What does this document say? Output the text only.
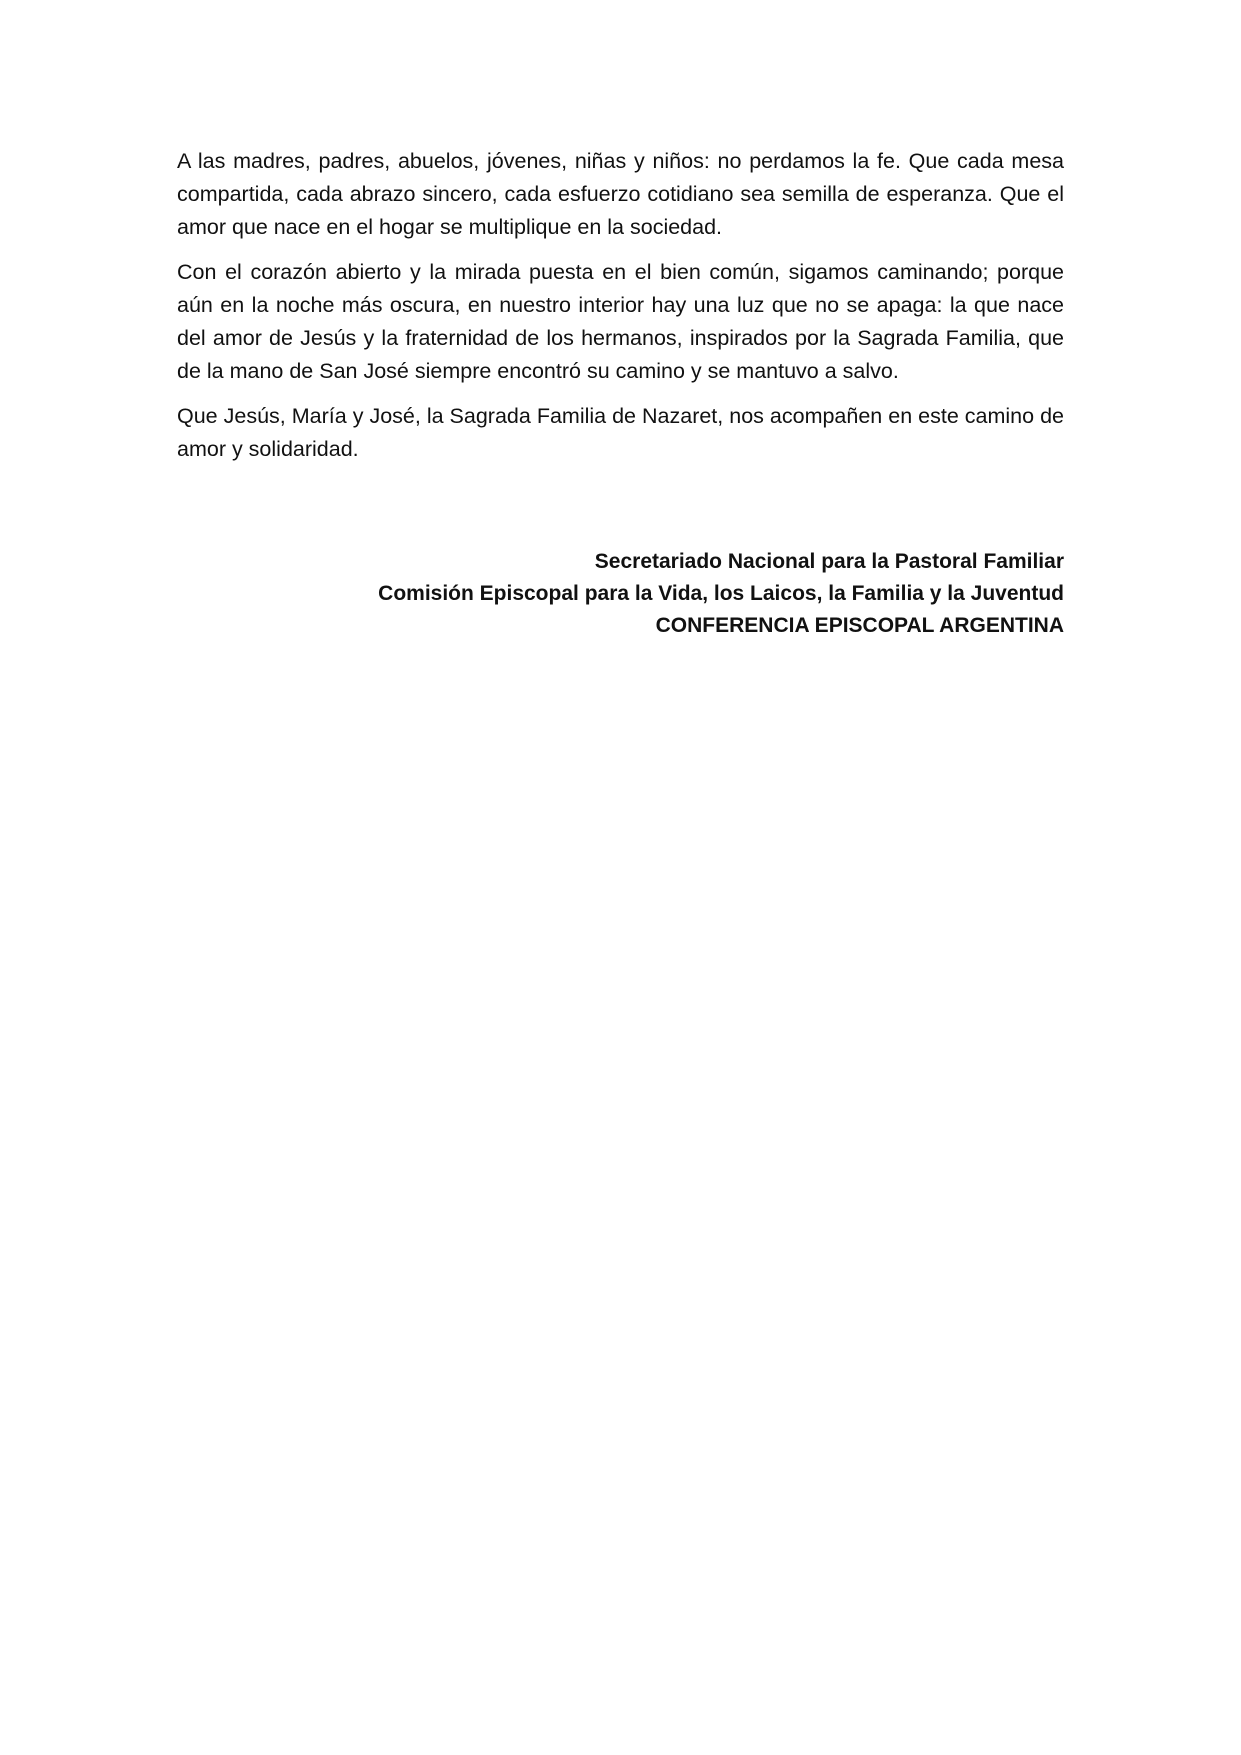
A las madres, padres, abuelos, jóvenes, niñas y niños: no perdamos la fe. Que cada mesa compartida, cada abrazo sincero, cada esfuerzo cotidiano sea semilla de esperanza. Que el amor que nace en el hogar se multiplique en la sociedad.

Con el corazón abierto y la mirada puesta en el bien común, sigamos caminando; porque aún en la noche más oscura, en nuestro interior hay una luz que no se apaga: la que nace del amor de Jesús y la fraternidad de los hermanos, inspirados por la Sagrada Familia, que de la mano de San José siempre encontró su camino y se mantuvo a salvo.

Que Jesús, María y José, la Sagrada Familia de Nazaret, nos acompañen en este camino de amor y solidaridad.

Secretariado Nacional para la Pastoral Familiar
Comisión Episcopal para la Vida, los Laicos, la Familia y la Juventud
CONFERENCIA EPISCOPAL ARGENTINA
